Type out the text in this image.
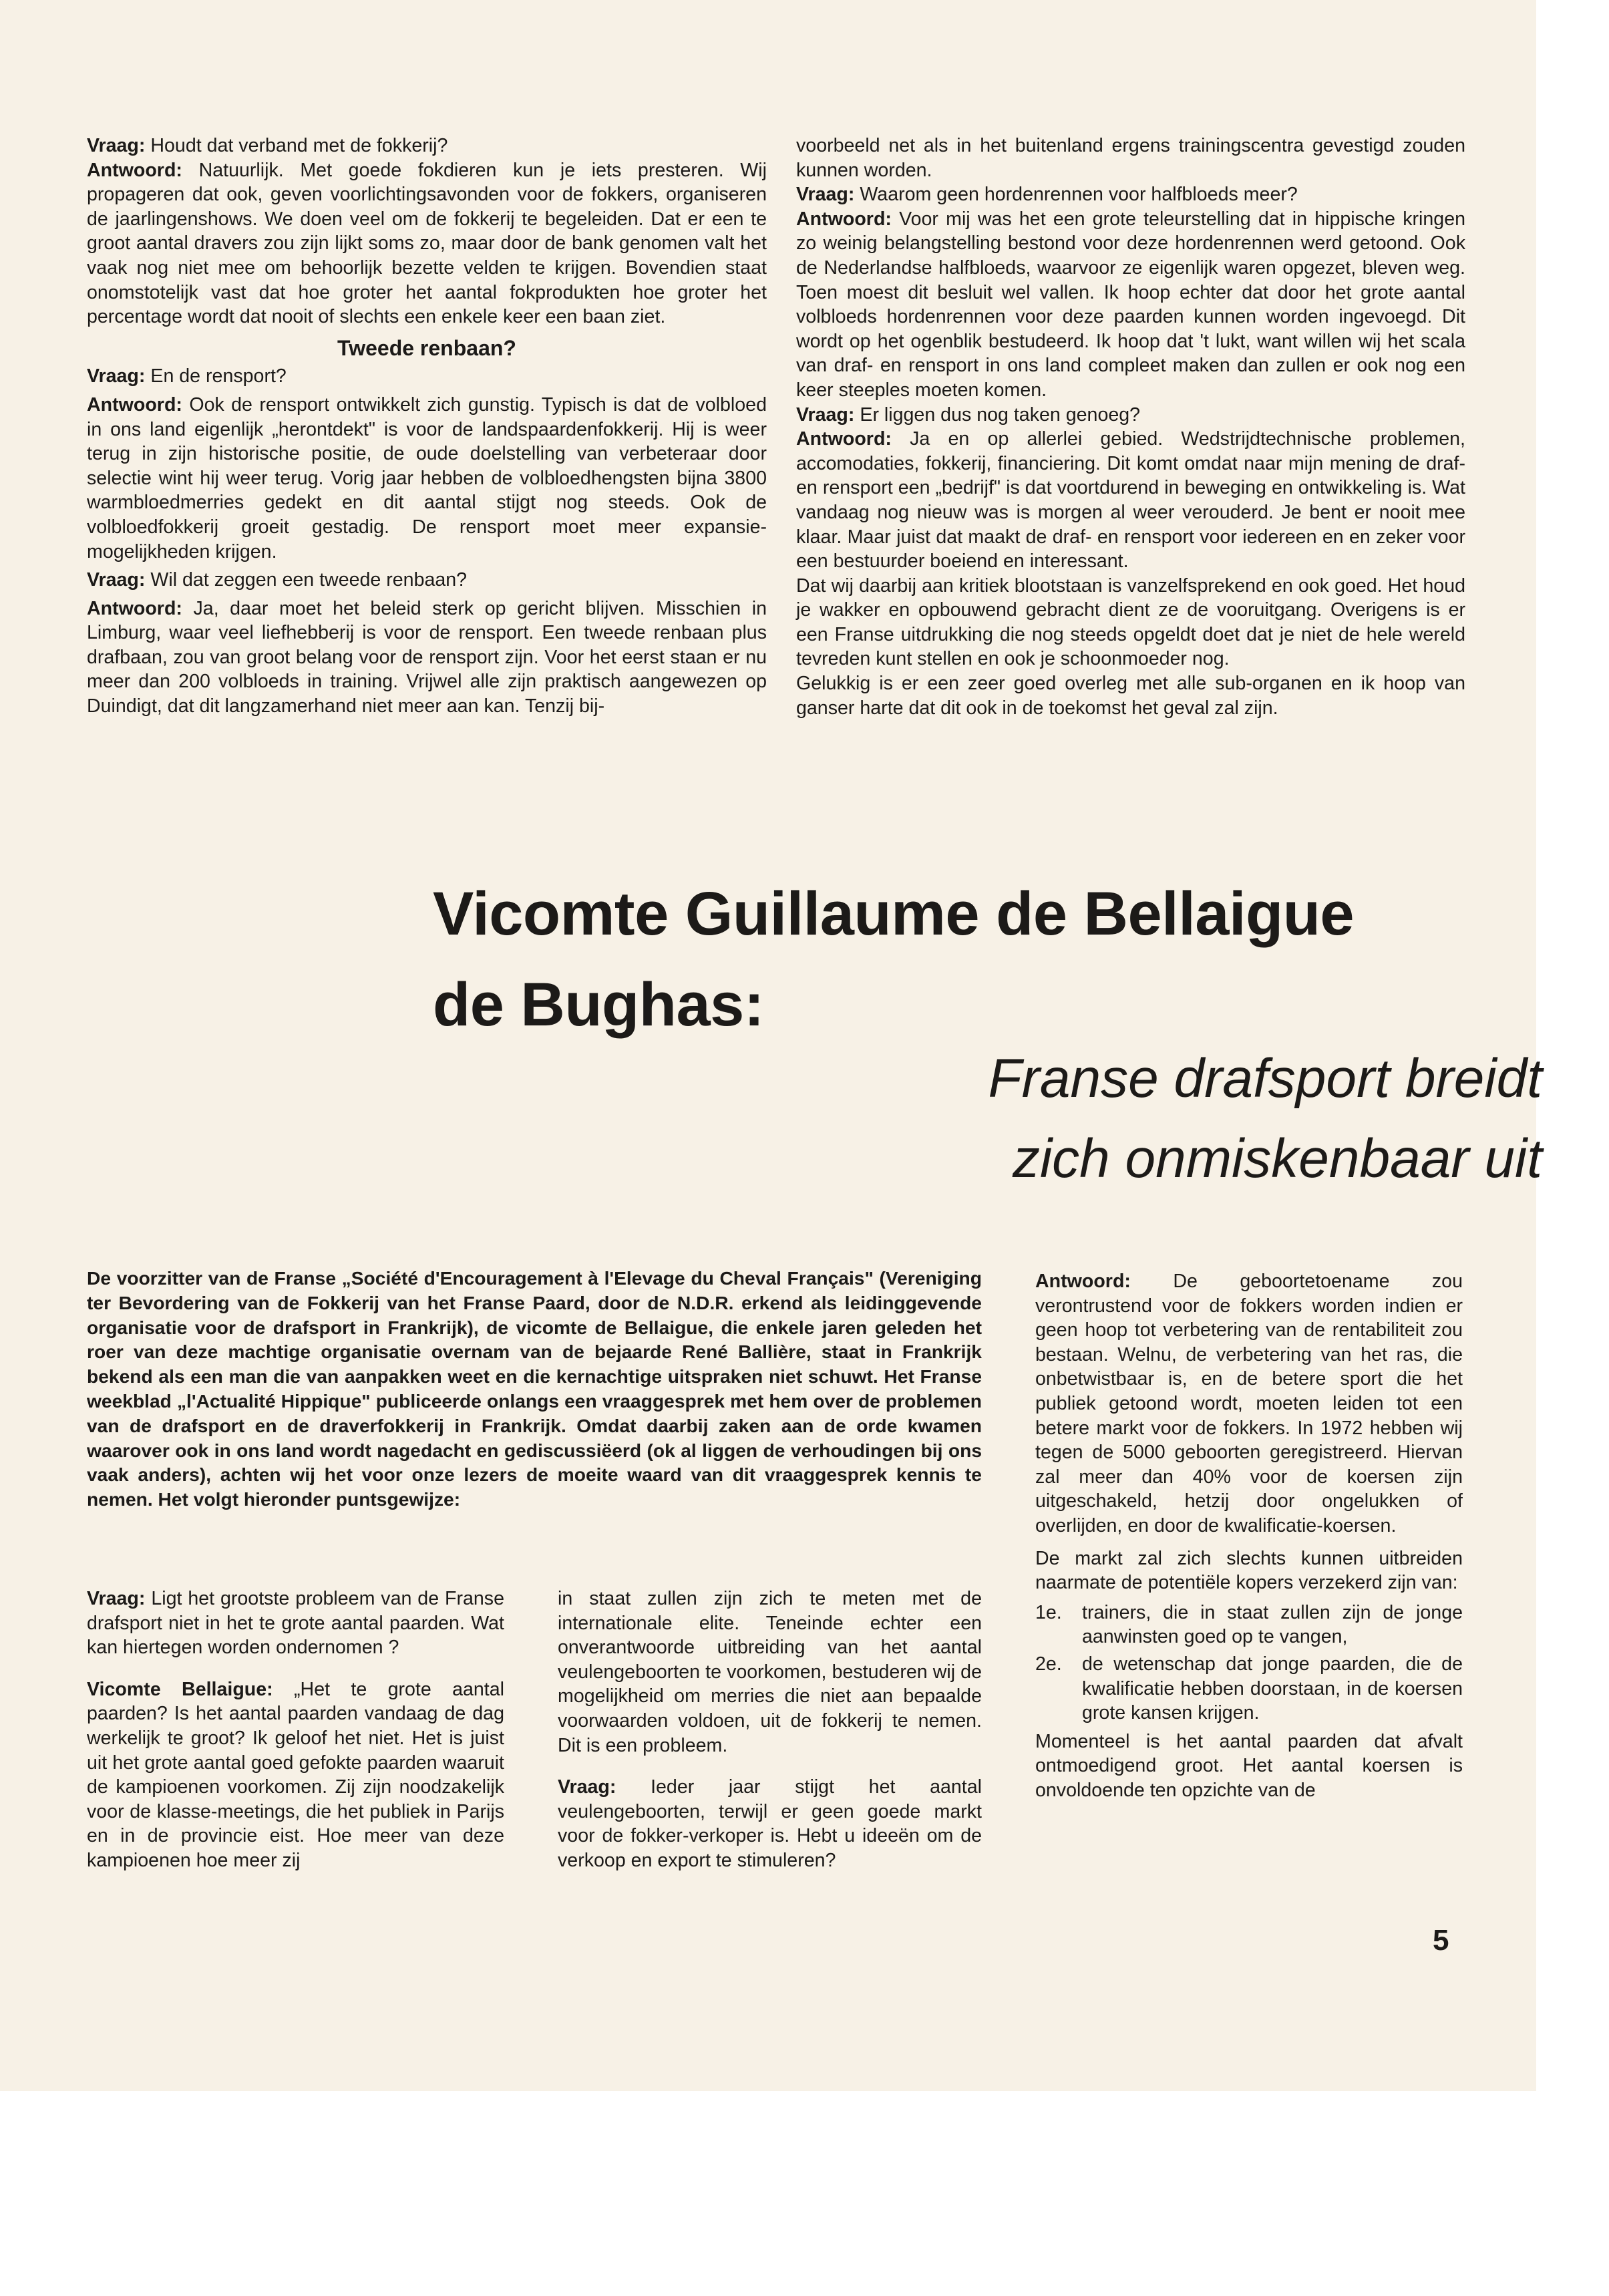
Vraag: Houdt dat verband met de fokkerij?

Antwoord: Natuurlijk. Met goede fokdieren kun je iets presteren. Wij propageren dat ook, geven voorlichtingsavonden voor de fokkers, organiseren de jaarlingenshows. We doen veel om de fokkerij te begeleiden. Dat er een te groot aantal dravers zou zijn lijkt soms zo, maar door de bank genomen valt het vaak nog niet mee om behoorlijk bezette velden te krijgen. Bovendien staat onomstotelijk vast dat hoe groter het aantal fokprodukten hoe groter het percentage wordt dat nooit of slechts een enkele keer een baan ziet.

Tweede renbaan?

Vraag: En de rensport?

Antwoord: Ook de rensport ontwikkelt zich gunstig. Typisch is dat de volbloed in ons land eigenlijk „herontdekt" is voor de landspaardenfokkerij. Hij is weer terug in zijn historische positie, de oude doelstelling van verbeteraar door selectie wint hij weer terug. Vorig jaar hebben de volbloedhengsten bijna 3800 warmbloedmerries gedekt en dit aantal stijgt nog steeds. Ook de volbloedfokkerij groeit gestadig. De rensport moet meer expansie-mogelijkheden krijgen.

Vraag: Wil dat zeggen een tweede renbaan?

Antwoord: Ja, daar moet het beleid sterk op gericht blijven. Misschien in Limburg, waar veel liefhebberij is voor de rensport. Een tweede renbaan plus drafbaan, zou van groot belang voor de rensport zijn. Voor het eerst staan er nu meer dan 200 volbloeds in training. Vrijwel alle zijn praktisch aangewezen op Duindigt, dat dit langzamerhand niet meer aan kan. Tenzij bij-

voorbeeld net als in het buitenland ergens trainingscentra gevestigd zouden kunnen worden.

Vraag: Waarom geen hordenrennen voor halfbloeds meer?

Antwoord: Voor mij was het een grote teleurstelling dat in hippische kringen zo weinig belangstelling bestond voor deze hordenrennen werd getoond. Ook de Nederlandse halfbloeds, waarvoor ze eigenlijk waren opgezet, bleven weg. Toen moest dit besluit wel vallen. Ik hoop echter dat door het grote aantal volbloeds hordenrennen voor deze paarden kunnen worden ingevoegd. Dit wordt op het ogenblik bestudeerd. Ik hoop dat 't lukt, want willen wij het scala van draf- en rensport in ons land compleet maken dan zullen er ook nog een keer steeples moeten komen.

Vraag: Er liggen dus nog taken genoeg?

Antwoord: Ja en op allerlei gebied. Wedstrijdtechnische problemen, accomodaties, fokkerij, financiering. Dit komt omdat naar mijn mening de draf- en rensport een „bedrijf" is dat voortdurend in beweging en ontwikkeling is. Wat vandaag nog nieuw was is morgen al weer verouderd. Je bent er nooit mee klaar. Maar juist dat maakt de draf- en rensport voor iedereen en en zeker voor een bestuurder boeiend en interessant.

Dat wij daarbij aan kritiek blootstaan is vanzelfsprekend en ook goed. Het houd je wakker en opbouwend gebracht dient ze de vooruitgang. Overigens is er een Franse uitdrukking die nog steeds opgeldt doet dat je niet de hele wereld tevreden kunt stellen en ook je schoonmoeder nog.

Gelukkig is er een zeer goed overleg met alle sub-organen en ik hoop van ganser harte dat dit ook in de toekomst het geval zal zijn.

Vicomte Guillaume de Bellaigue
de Bughas:
Franse drafsport breidt
zich onmiskenbaar uit

De voorzitter van de Franse „Société d'Encouragement à l'Elevage du Cheval Français" (Vereniging ter Bevordering van de Fokkerij van het Franse Paard, door de N.D.R. erkend als leidinggevende organisatie voor de drafsport in Frankrijk), de vicomte de Bellaigue, die enkele jaren geleden het roer van deze machtige organisatie overnam van de bejaarde René Ballière, staat in Frankrijk bekend als een man die van aanpakken weet en die kernachtige uitspraken niet schuwt. Het Franse weekblad „l'Actualité Hippique" publiceerde onlangs een vraaggesprek met hem over de problemen van de drafsport en de draverfokkerij in Frankrijk. Omdat daarbij zaken aan de orde kwamen waarover ook in ons land wordt nagedacht en gediscussiëerd (ok al liggen de verhoudingen bij ons vaak anders), achten wij het voor onze lezers de moeite waard van dit vraaggesprek kennis te nemen. Het volgt hieronder puntsgewijze:

Vraag: Ligt het grootste probleem van de Franse drafsport niet in het te grote aantal paarden. Wat kan hiertegen worden ondernomen ?

Vicomte Bellaigue: „Het te grote aantal paarden? Is het aantal paarden vandaag de dag werkelijk te groot? Ik geloof het niet. Het is juist uit het grote aantal goed gefokte paarden waaruit de kampioenen voorkomen. Zij zijn noodzakelijk voor de klasse-meetings, die het publiek in Parijs en in de provincie eist. Hoe meer van deze kampioenen hoe meer zij

in staat zullen zijn zich te meten met de internationale elite. Teneinde echter een onverantwoorde uitbreiding van het aantal veulengeboorten te voorkomen, bestuderen wij de mogelijkheid om merries die niet aan bepaalde voorwaarden voldoen, uit de fokkerij te nemen. Dit is een probleem.

Vraag: Ieder jaar stijgt het aantal veulengeboorten, terwijl er geen goede markt voor de fokker-verkoper is. Hebt u ideeën om de verkoop en export te stimuleren?

Antwoord: De geboortetoename zou verontrustend voor de fokkers worden indien er geen hoop tot verbetering van de rentabiliteit zou bestaan. Welnu, de verbetering van het ras, die onbetwistbaar is, en de betere sport die het publiek getoond wordt, moeten leiden tot een betere markt voor de fokkers. In 1972 hebben wij tegen de 5000 geboorten geregistreerd. Hiervan zal meer dan 40% voor de koersen zijn uitgeschakeld, hetzij door ongelukken of overlijden, en door de kwalificatie-koersen.

De markt zal zich slechts kunnen uitbreiden naarmate de potentiële kopers verzekerd zijn van:

1e.	trainers, die in staat zullen zijn de jonge aanwinsten goed op te vangen,
2e.	de wetenschap dat jonge paarden, die de kwalificatie hebben doorstaan, in de koersen grote kansen krijgen.

Momenteel is het aantal paarden dat afvalt ontmoedigend groot. Het aantal koersen is onvoldoende ten opzichte van de

5
